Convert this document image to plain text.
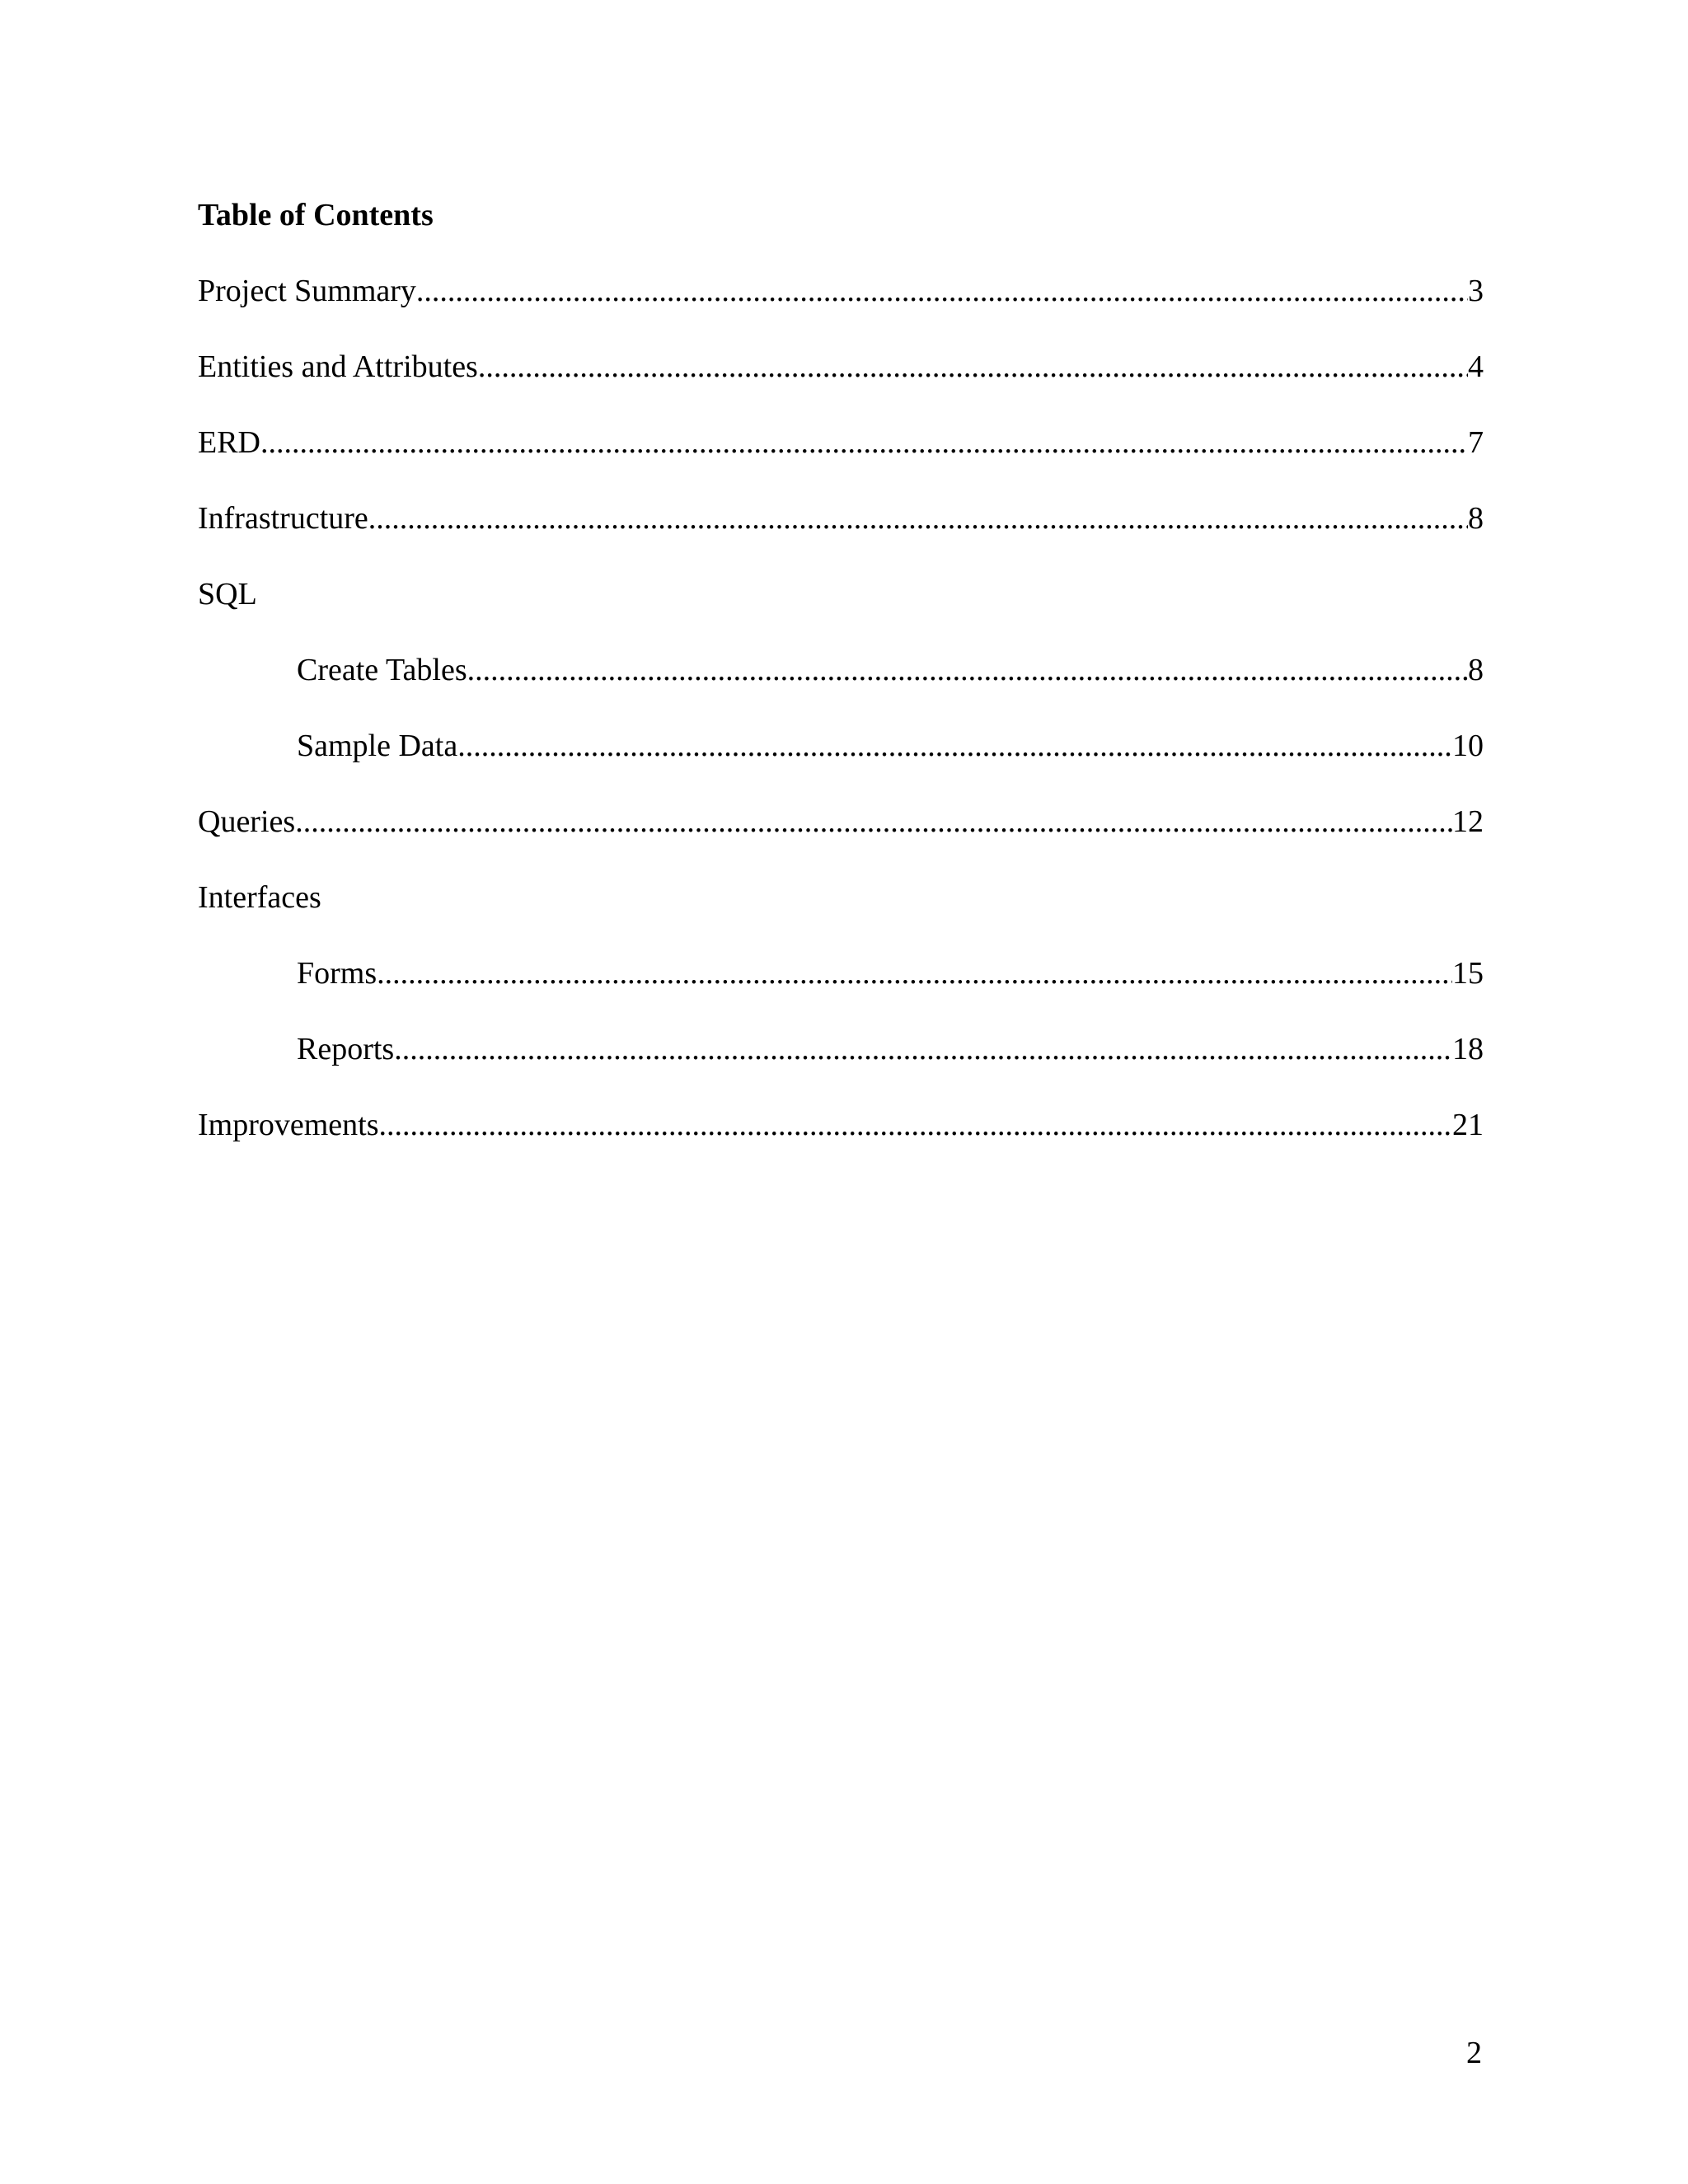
Table of Contents
Project Summary .....	3
Entities and Attributes .....	4
ERD .....	7
Infrastructure .....	8
SQL
Create Tables .....	8
Sample Data .....	10
Queries .....	12
Interfaces
Forms .....	15
Reports .....	18
Improvements .....	21
2
